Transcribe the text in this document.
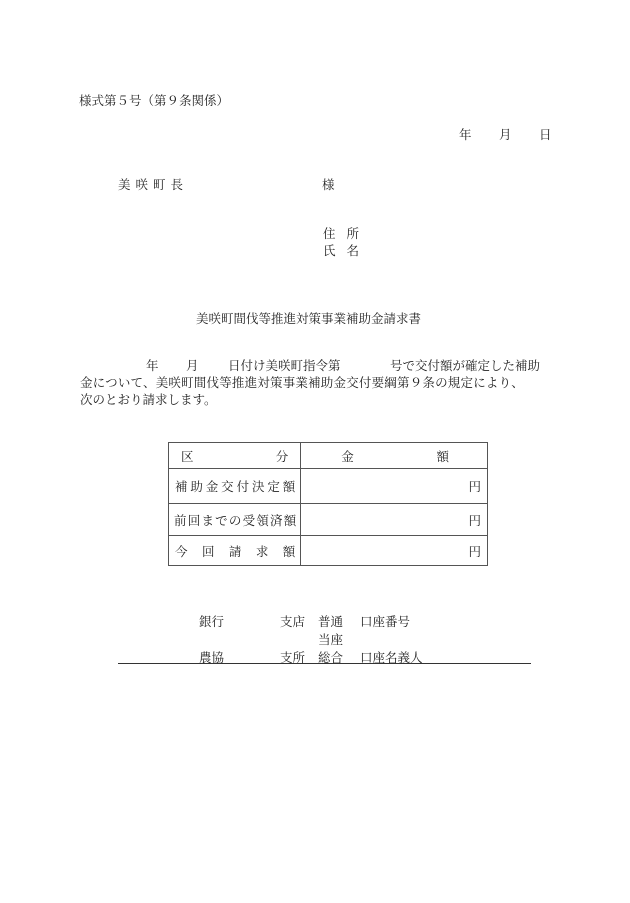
様式第５号（第９条関係）
年 月 日
美咲町長	様
住所
氏名
美咲町間伐等推進対策事業補助金請求書
年 月 日付け美咲町指令第	号で交付額が確定した補助
金について、美咲町間伐等推進対策事業補助金交付要綱第９条の規定により、
次のとおり請求します。
区 分	金 額

補 助 金 交 付 決 定 額	円

前 回 ま で の 受 領 済 額	円

今 回 請 求 額	円
銀行	支店 普通 口座番号
当座
農協	支所 総合 口座名義人
